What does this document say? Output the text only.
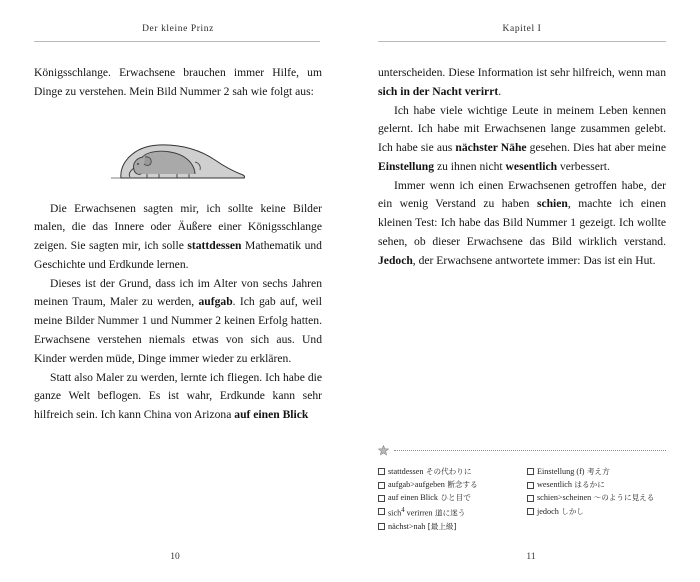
Der kleine Prinz

Königsschlange. Erwachsene brauchen immer Hilfe, um Dinge zu verstehen. Mein Bild Nummer 2 sah wie folgt aus:

Die Erwachsenen sagten mir, ich sollte keine Bilder malen, die das Innere oder Äußere einer Königsschlange zeigen. Sie sagten mir, ich solle stattdessen Mathematik und Geschichte und Erdkunde lernen.

Dieses ist der Grund, dass ich im Alter von sechs Jahren meinen Traum, Maler zu werden, aufgab. Ich gab auf, weil meine Bilder Nummer 1 und Nummer 2 keinen Erfolg hatten. Erwachsene verstehen niemals etwas von sich aus. Und Kinder werden müde, Dinge immer wieder zu erklären.

Statt also Maler zu werden, lernte ich fliegen. Ich habe die ganze Welt beflogen. Es ist wahr, Erdkunde kann sehr hilfreich sein. Ich kann China von Arizona auf einen Blick

10
Kapitel I

unterscheiden. Diese Information ist sehr hilfreich, wenn man sich in der Nacht verirrt.

Ich habe viele wichtige Leute in meinem Leben kennen gelernt. Ich habe mit Erwachsenen lange zusammen gelebt. Ich habe sie aus nächster Nähe gesehen. Dies hat aber meine Einstellung zu ihnen nicht wesentlich verbessert.

Immer wenn ich einen Erwachsenen getroffen habe, der ein wenig Verstand zu haben schien, machte ich einen kleinen Test: Ich habe das Bild Nummer 1 gezeigt. Ich wollte sehen, ob dieser Erwachsene das Bild wirklich verstand. Jedoch, der Erwachsene antwortete immer: Das ist ein Hut.

stattdessen その代わりに
aufgab>aufgeben 断念する
auf einen Blick ひと目で
sich$^4$ verirren 道に迷う
nächst>nah [最上級]
Einstellung (f) 考え方
wesentlich はるかに
schien>scheinen 〜のように見える
jedoch しかし
11
